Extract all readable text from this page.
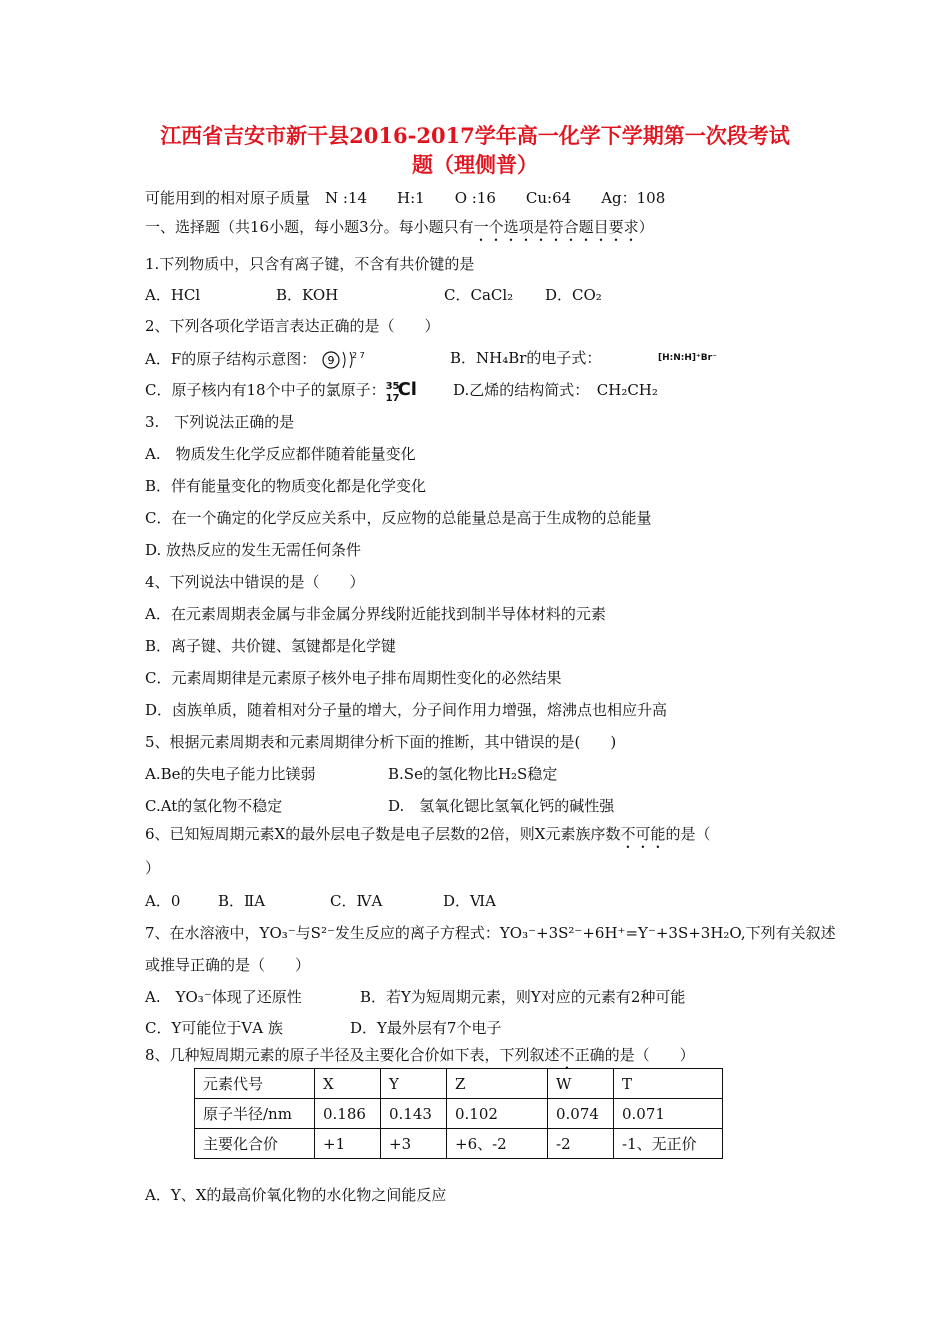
江西省吉安市新干县2016-2017学年高一化学下学期第一次段考试
题（理侧普）
可能用到的相对原子质量　N :14　　H:1　　O :16　　Cu:64　　Ag：108
一、选择题（共16小题，每小题3分。每小题只有一个选项是符合题目要求）
1.下列物质中，只含有离子键，不含有共价键的是
A．HCl	B．KOH	C．CaCl₂ D．CO₂
2、下列各项化学语言表达正确的是（　　）
A．F的原子结构示意图： 9 2 7	B．NH₄Br的电子式：	[H:N:H]⁺Br⁻
C．原子核内有18个中子的氯原子： 35
17
Cl D.乙烯的结构简式：　CH₂CH₂
3.　下列说法正确的是
A.　物质发生化学反应都伴随着能量变化
B．伴有能量变化的物质变化都是化学变化
C．在一个确定的化学反应关系中，反应物的总能量总是高于生成物的总能量
D. 放热反应的发生无需任何条件
4、下列说法中错误的是（　　）
A．在元素周期表金属与非金属分界线附近能找到制半导体材料的元素
B．离子键、共价键、氢键都是化学键
C．元素周期律是元素原子核外电子排布周期性变化的必然结果
D．卤族单质，随着相对分子量的增大，分子间作用力增强，熔沸点也相应升高
5、根据元素周期表和元素周期律分析下面的推断，其中错误的是(　　)
A.Be的失电子能力比镁弱	B.Se的氢化物比H₂S稳定
C.At的氢化物不稳定	D.　氢氧化锶比氢氧化钙的碱性强
6、已知短周期元素X的最外层电子数是电子层数的2倍，则X元素族序数不可能的是（
）
A．0	B．ⅡA	C．ⅣA	D．ⅥA
7、在水溶液中，YO₃⁻与S²⁻发生反应的离子方程式：YO₃⁻+3S²⁻+6H⁺=Y⁻+3S+3H₂O,下列有关叙述
或推导正确的是（　　）
A.　YO₃⁻体现了还原性	B．若Y为短周期元素，则Y对应的元素有2种可能
C．Y可能位于ⅤA 族	D．Y最外层有7个电子
8、几种短周期元素的原子半径及主要化合价如下表，下列叙述不正确的是（　　）
元素代号	X	Y	Z	W	T
原子半径/nm	0.186	0.143	0.102	0.074	0.071
主要化合价	+1	+3	+6、-2	-2	-1、无正价
A．Y、X的最高价氧化物的水化物之间能反应
